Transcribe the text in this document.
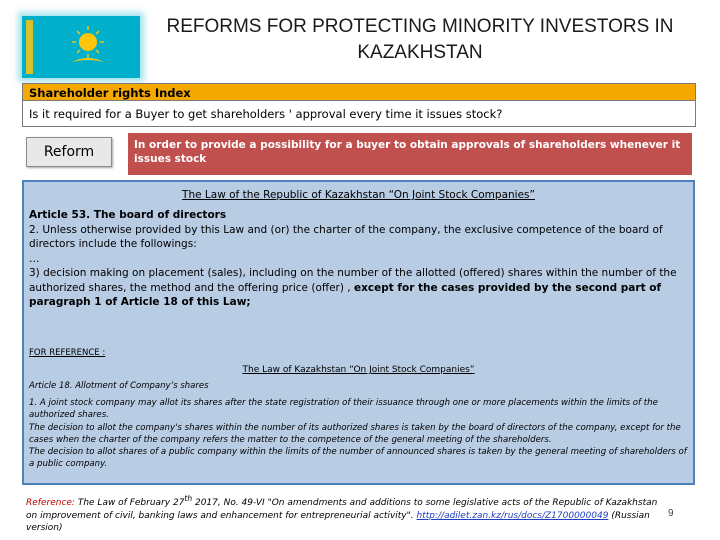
REFORMS FOR PROTECTING MINORITY INVESTORS IN KAZAKHSTAN
Shareholder rights Index
Is it required for a Buyer to get shareholders ' approval every time it issues stock?
Reform	In order to provide a possibility for a buyer to obtain approvals of shareholders whenever it issues stock
The Law of the Republic of Kazakhstan “On Joint Stock Companies”

Article 53. The board of directors

2. Unless otherwise provided by this Law and (or) the charter of the company, the exclusive competence of the board of directors include the followings:

…

3) decision making on placement (sales), including on the number of the allotted (offered) shares within the number of the authorized shares, the method and the offering price (offer) , except for the cases provided by the second part of paragraph 1 of Article 18 of this Law;

FOR REFERENCE :
The Law of Kazakhstan “On Joint Stock Companies”
Article 18. Allotment of Company’s shares

1. A joint stock company may allot its shares after the state registration of their issuance through one or more placements within the limits of the authorized shares.

The decision to allot the company's shares within the number of its authorized shares is taken by the board of directors of the company, except for the cases when the charter of the company refers the matter to the competence of the general meeting of the shareholders.

The decision to allot shares of a public company within the limits of the number of announced shares is taken by the general meeting of shareholders of a public company.

Reference: The Law of February 27th 2017, No. 49-VI "On amendments and additions to some legislative acts of the Republic of Kazakhstan on improvement of civil, banking laws and enhancement for entrepreneurial activity". http://adilet.zan.kz/rus/docs/Z1700000049 (Russian version)
9
